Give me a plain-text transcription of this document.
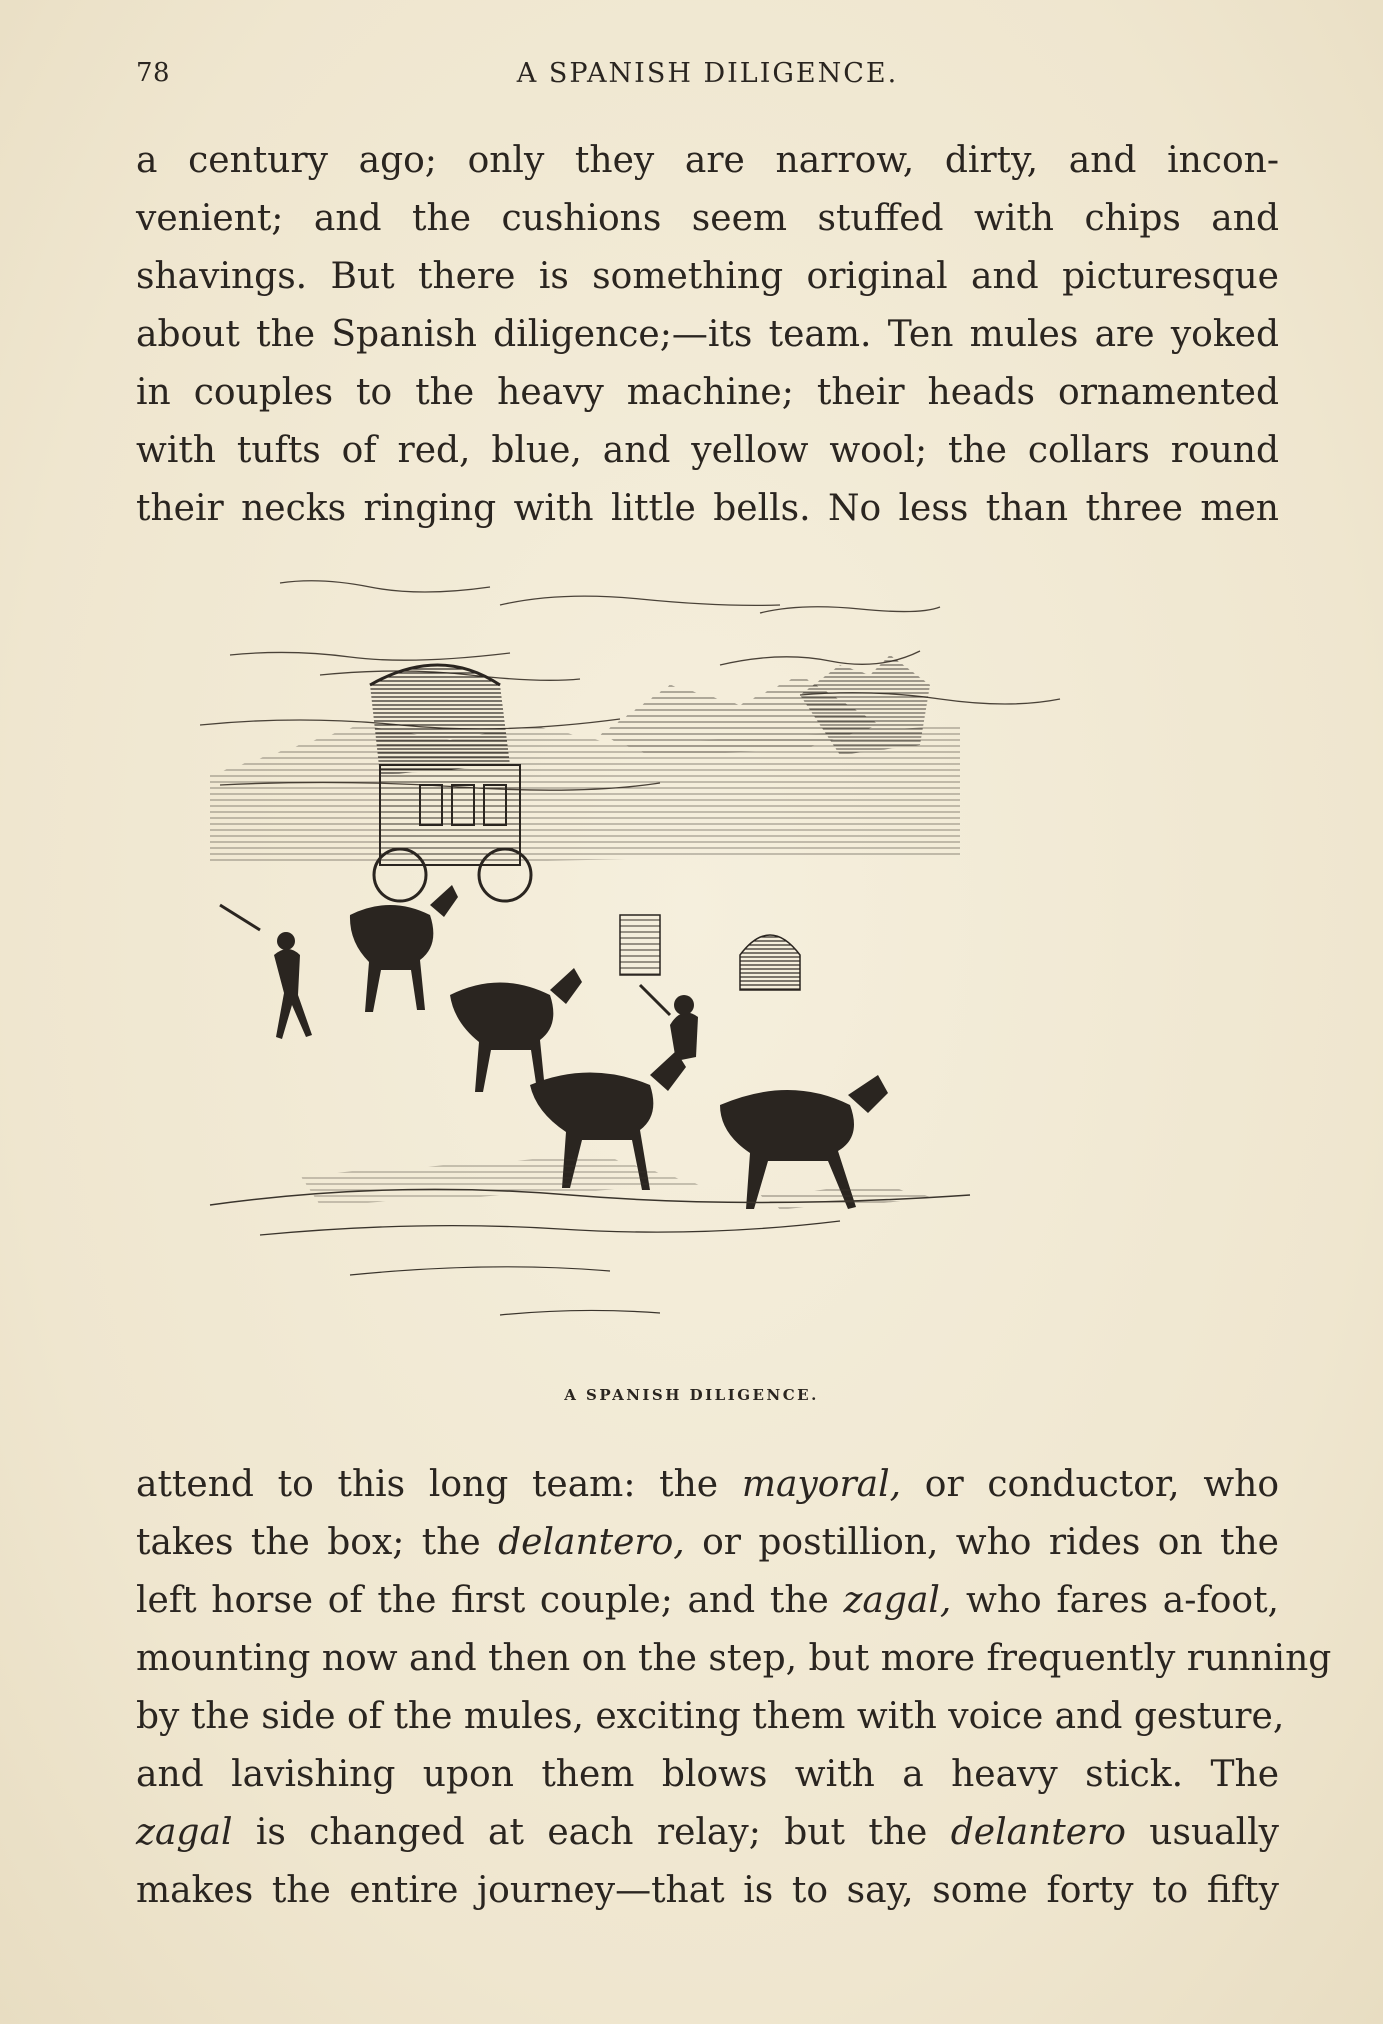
78	A SPANISH DILIGENCE.
a century ago; only they are narrow, dirty, and incon-
venient; and the cushions seem stuffed with chips and
shavings. But there is something original and picturesque
about the Spanish diligence;—its team. Ten mules are yoked
in couples to the heavy machine; their heads ornamented
with tufts of red, blue, and yellow wool; the collars round
their necks ringing with little bells. No less than three men
A SPANISH DILIGENCE.
attend to this long team: the mayoral, or conductor, who
takes the box; the delantero, or postillion, who rides on the
left horse of the first couple; and the zagal, who fares a-foot,
mounting now and then on the step, but more frequently running
by the side of the mules, exciting them with voice and gesture,
and lavishing upon them blows with a heavy stick. The
zagal is changed at each relay; but the delantero usually
makes the entire journey—that is to say, some forty to fifty
